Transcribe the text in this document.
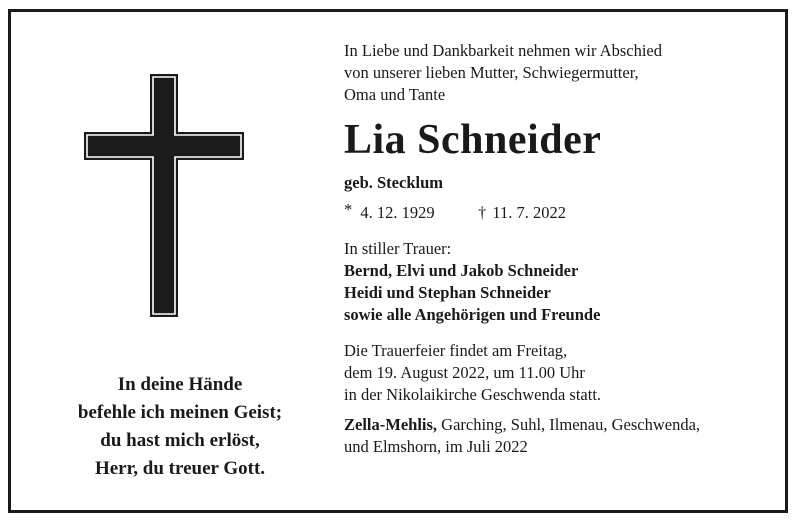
In deine Hände
befehle ich meinen Geist;
du hast mich erlöst,
Herr, du treuer Gott.
In Liebe und Dankbarkeit nehmen wir Abschied
von unserer lieben Mutter, Schwiegermutter,
Oma und Tante
Lia Schneider
geb. Stecklum
* 4. 12. 1929	† 11. 7. 2022
In stiller Trauer:
Bernd, Elvi und Jakob Schneider
Heidi und Stephan Schneider
sowie alle Angehörigen und Freunde
Die Trauerfeier findet am Freitag,
dem 19. August 2022, um 11.00 Uhr
in der Nikolaikirche Geschwenda statt.
Zella-Mehlis, Garching, Suhl, Ilmenau, Geschwenda,
und Elmshorn, im Juli 2022
